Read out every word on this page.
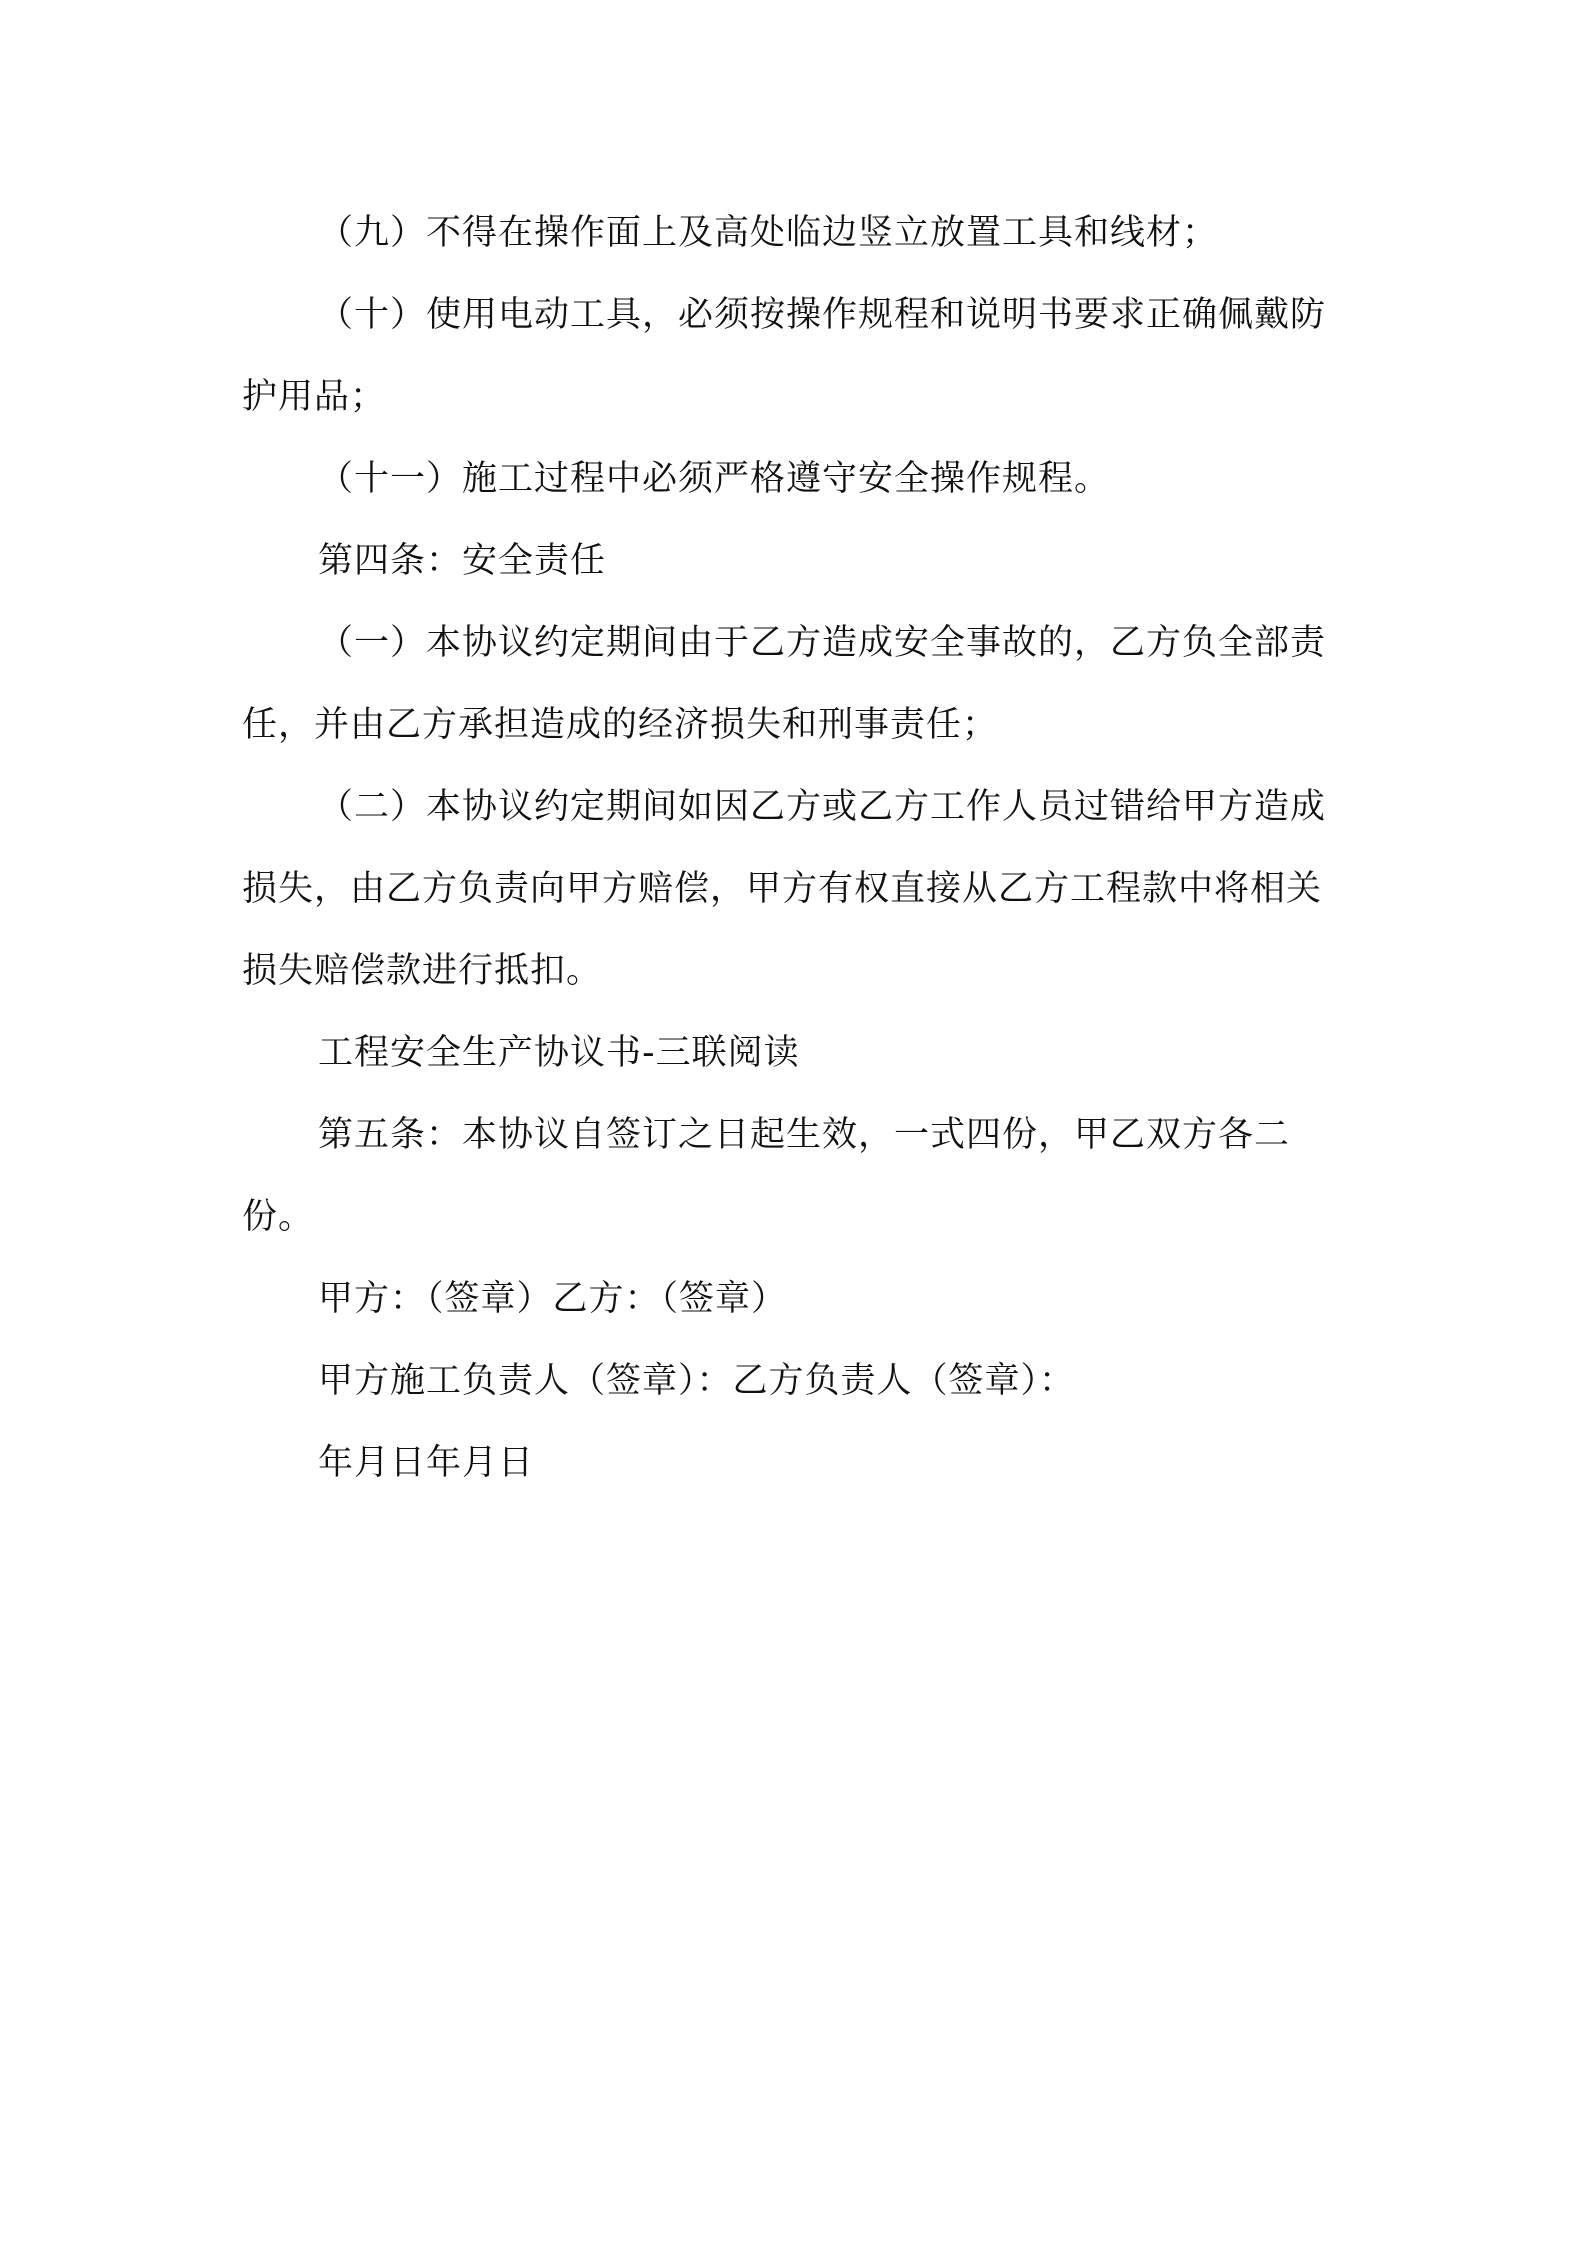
（九）不得在操作面上及高处临边竖立放置工具和线材；

（十）使用电动工具，必须按操作规程和说明书要求正确佩戴防护用品；

（十一）施工过程中必须严格遵守安全操作规程。

第四条：安全责任

（一）本协议约定期间由于乙方造成安全事故的，乙方负全部责任，并由乙方承担造成的经济损失和刑事责任；

（二）本协议约定期间如因乙方或乙方工作人员过错给甲方造成损失，由乙方负责向甲方赔偿，甲方有权直接从乙方工程款中将相关损失赔偿款进行抵扣。

工程安全生产协议书-三联阅读

第五条：本协议自签订之日起生效，一式四份，甲乙双方各二份。

甲方：（签章）乙方：（签章）

甲方施工负责人（签章）：乙方负责人（签章）：

年月日年月日
